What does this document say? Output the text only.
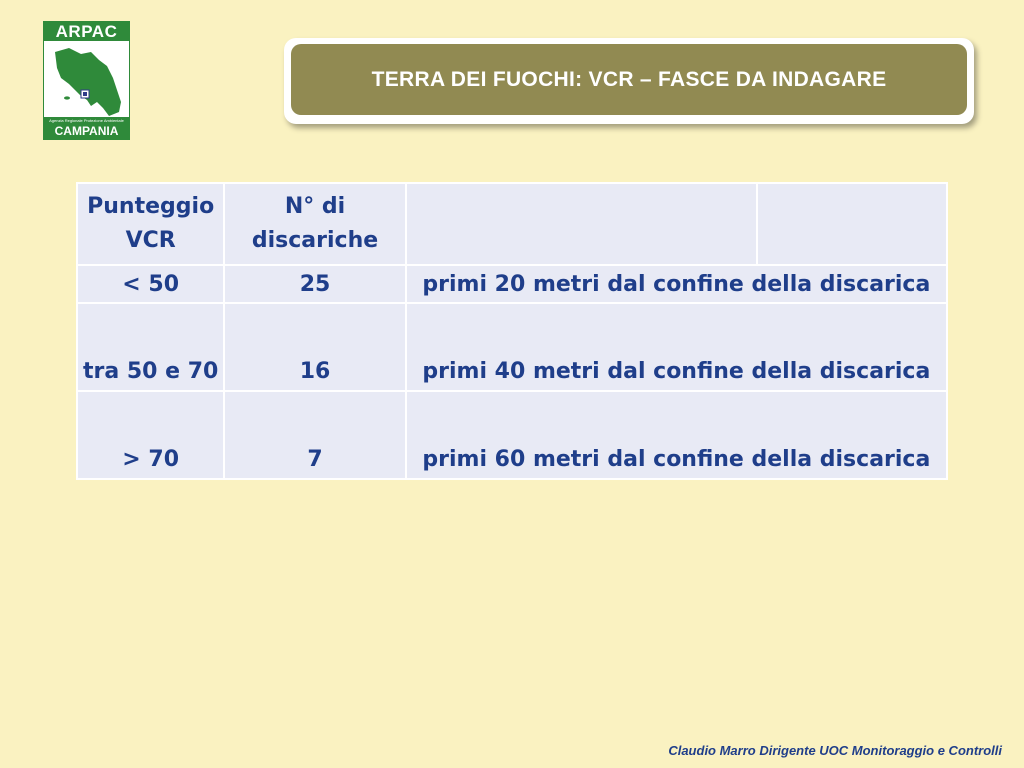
ARPAC
Agenzia Regionale Protezione Ambientale
CAMPANIA
TERRA DEI FUOCHI: VCR – FASCE DA INDAGARE
Punteggio VCR	N° di discariche		
< 50	25	primi 20 metri dal confine della discarica	
tra 50 e 70	16	primi 40 metri dal confine della discarica	
> 70	7	primi 60 metri dal confine della discarica	
Claudio Marro Dirigente UOC Monitoraggio e Controlli
